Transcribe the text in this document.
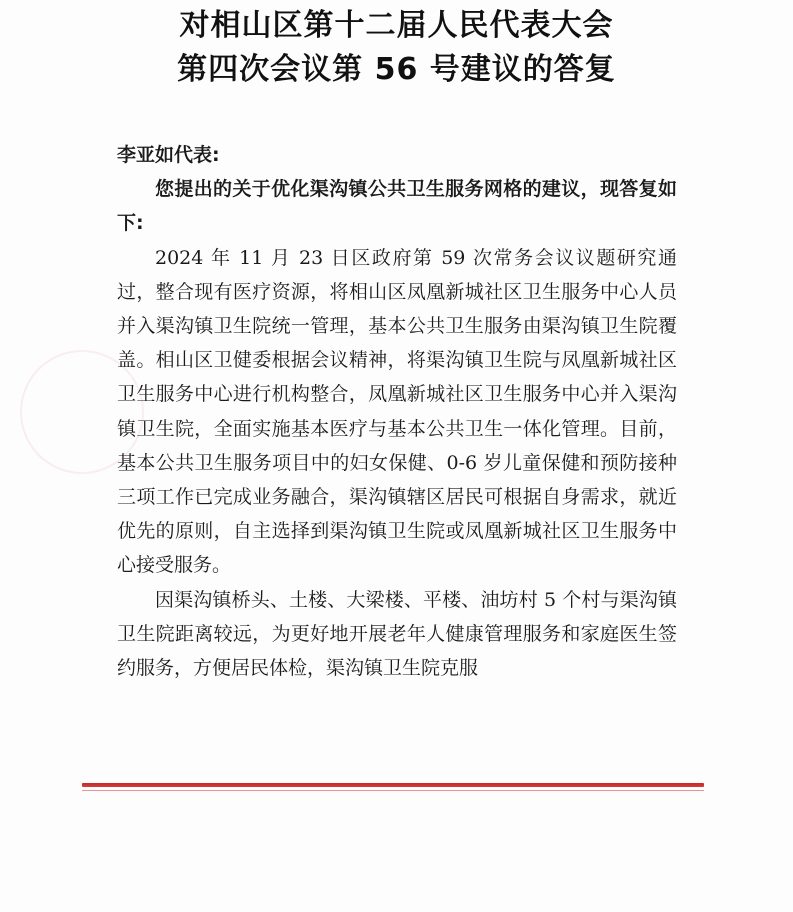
对相山区第十二届人民代表大会
第四次会议第 56 号建议的答复

李亚如代表:

您提出的关于优化渠沟镇公共卫生服务网格的建议，现答复如下:

2024 年 11 月 23 日区政府第 59 次常务会议议题研究通过，整合现有医疗资源，将相山区凤凰新城社区卫生服务中心人员并入渠沟镇卫生院统一管理，基本公共卫生服务由渠沟镇卫生院覆盖。相山区卫健委根据会议精神，将渠沟镇卫生院与凤凰新城社区卫生服务中心进行机构整合，凤凰新城社区卫生服务中心并入渠沟镇卫生院，全面实施基本医疗与基本公共卫生一体化管理。目前，基本公共卫生服务项目中的妇女保健、0-6 岁儿童保健和预防接种三项工作已完成业务融合，渠沟镇辖区居民可根据自身需求，就近优先的原则，自主选择到渠沟镇卫生院或凤凰新城社区卫生服务中心接受服务。

因渠沟镇桥头、土楼、大梁楼、平楼、油坊村 5 个村与渠沟镇卫生院距离较远，为更好地开展老年人健康管理服务和家庭医生签约服务，方便居民体检，渠沟镇卫生院克服
